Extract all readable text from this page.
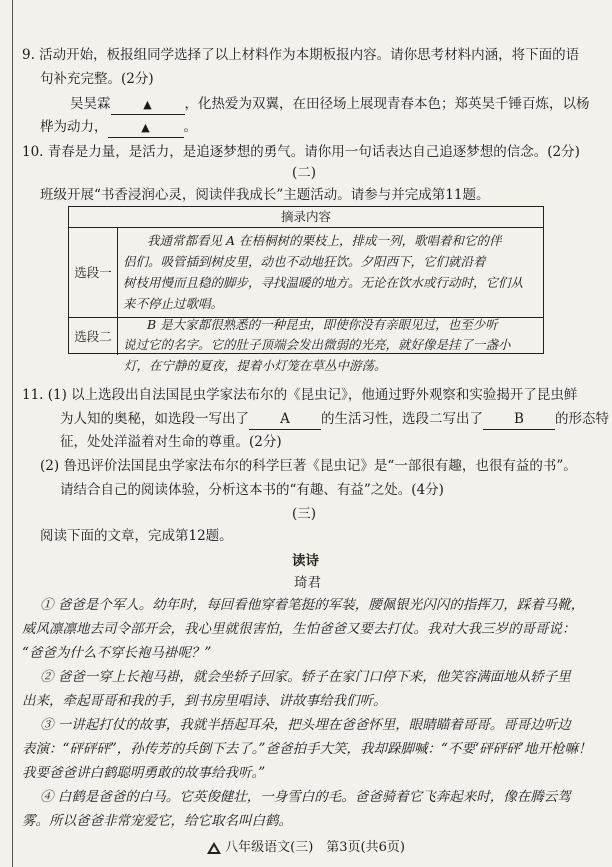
9. 活动开始，板报组同学选择了以上材料作为本期板报内容。请你思考材料内涵，将下面的语
句补充完整。(2分)
吴昊霖	▲ ，化热爱为双翼，在田径场上展现青春本色；郑英昊千锤百炼，以杨
桦为动力，	▲	。
10. 青春是力量，是活力，是追逐梦想的勇气。请你用一句话表达自己追逐梦想的信念。(2分)
(二)
班级开展“书香浸润心灵，阅读伴我成长”主题活动。请参与并完成第11题。
摘录内容
选段一
我通常都看见 A 在梧桐树的栗枝上，排成一列，歌唱着和它的伴
侣们。吸管插到树皮里，动也不动地狂饮。夕阳西下，它们就沿着
树枝用慢而且稳的脚步，寻找温暖的地方。无论在饮水或行动时，它们从
来不停止过歌唱。
选段二
B 是大家都很熟悉的一种昆虫，即使你没有亲眼见过，也至少听
说过它的名字。它的肚子顶端会发出微弱的光亮，就好像是挂了一盏小
灯，在宁静的夏夜，提着小灯笼在草丛中游荡。
11. (1) 以上选段出自法国昆虫学家法布尔的《昆虫记》，他通过野外观察和实验揭开了昆虫鲜
为人知的奥秘，如选段一写出了 A 的生活习性，选段二写出了 B 的形态特
征，处处洋溢着对生命的尊重。(2分)
(2) 鲁迅评价法国昆虫学家法布尔的科学巨著《昆虫记》是“一部很有趣，也很有益的书”。
请结合自己的阅读体验，分析这本书的“有趣、有益”之处。(4分)
(三)
阅读下面的文章，完成第12题。
读诗
琦君
① 爸爸是个军人。幼年时，每回看他穿着笔挺的军装，腰佩银光闪闪的指挥刀，踩着马靴，
威风凛凛地去司令部开会，我心里就很害怕，生怕爸爸又要去打仗。我对大我三岁的哥哥说：
“爸爸为什么不穿长袍马褂呢？”
② 爸爸一穿上长袍马褂，就会坐轿子回家。轿子在家门口停下来，他笑容满面地从轿子里
出来，牵起哥哥和我的手，到书房里唱诗、讲故事给我们听。
③ 一讲起打仗的故事，我就半捂起耳朵，把头埋在爸爸怀里，眼睛瞄着哥哥。哥哥边听边
表演：“砰砰砰”，孙传芳的兵倒下去了。”爸爸拍手大笑，我却跺脚喊：“不要‘砰砰砰’地开枪嘛！
我要爸爸讲白鹤聪明勇敢的故事给我听。”
④ 白鹤是爸爸的白马。它英俊健壮，一身雪白的毛。爸爸骑着它飞奔起来时，像在腾云驾
雾。所以爸爸非常宠爱它，给它取名叫白鹤。
八年级语文(三)　第3页(共6页)
